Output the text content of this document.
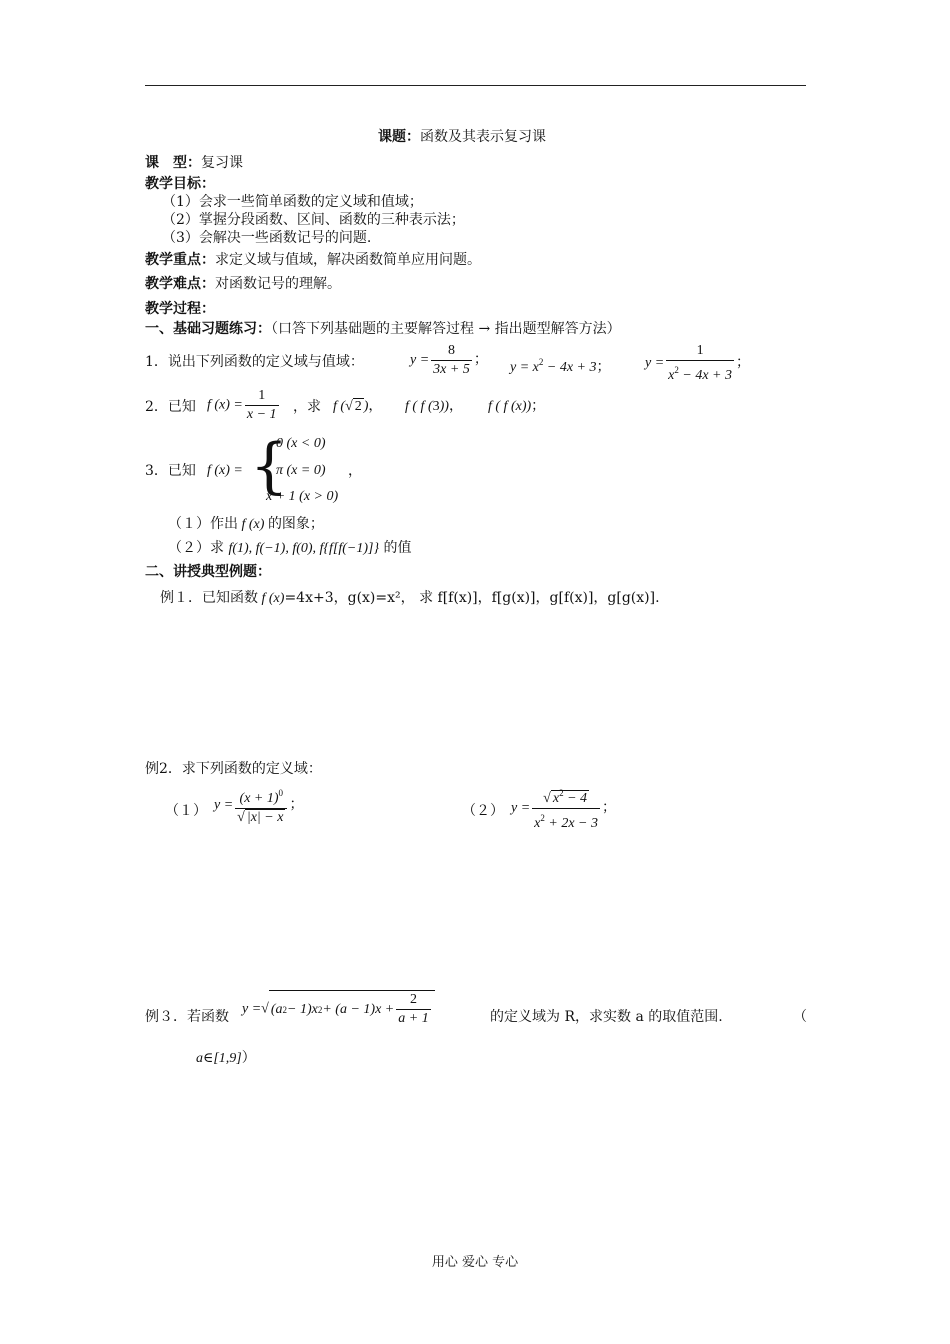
课题：函数及其表示复习课
课　型：复习课
教学目标：
（1）会求一些简单函数的定义域和值域；
（2）掌握分段函数、区间、函数的三种表示法；
（3）会解决一些函数记号的问题.
教学重点：求定义域与值域，解决函数简单应用问题。
教学难点：对函数记号的理解。
教学过程：
一、基础习题练习：（口答下列基础题的主要解答过程 → 指出题型解答方法）
1．说出下列函数的定义域与值域：	$y = \frac{8}{3x + 5}$ ； $y = x^2 - 4x + 3$； $y = \frac{1}{x^2 - 4x + 3}$ ；
2．已知 f $(x) = \frac{1}{x - 1}$ ，求 f (√ 2 )， f ( f (3))， f ( f (x))；
3．已知 f (x) = {
0 (x < 0)
π (x = 0) ，
x + 1 (x > 0)
（１）作出 f (x) 的图象；
（２）求 f(1), f(−1), f(0), f{f[f(−1)]} 的值
二、讲授典型例题：
例１．已知函数 f (x)=4x+3，g(x)=x²， 求 f[f(x)]，f[g(x)]，g[f(x)]，g[g(x)].
例2．求下列函数的定义域：
（１） $y = \frac{(x + 1)^0}{√ |x| - x}$ ；	（２） $y = \frac{√ x^2 - 4}{x^2 + 2x - 3}$ ；
例３．若函数 y =√ (a 2 − 1)x $2 + (a - 1)x + \frac{2}{a + 1}$	的定义域为 R，求实数 a 的取值范围.	（
a∈[1,9]）
用心 爱心 专心
